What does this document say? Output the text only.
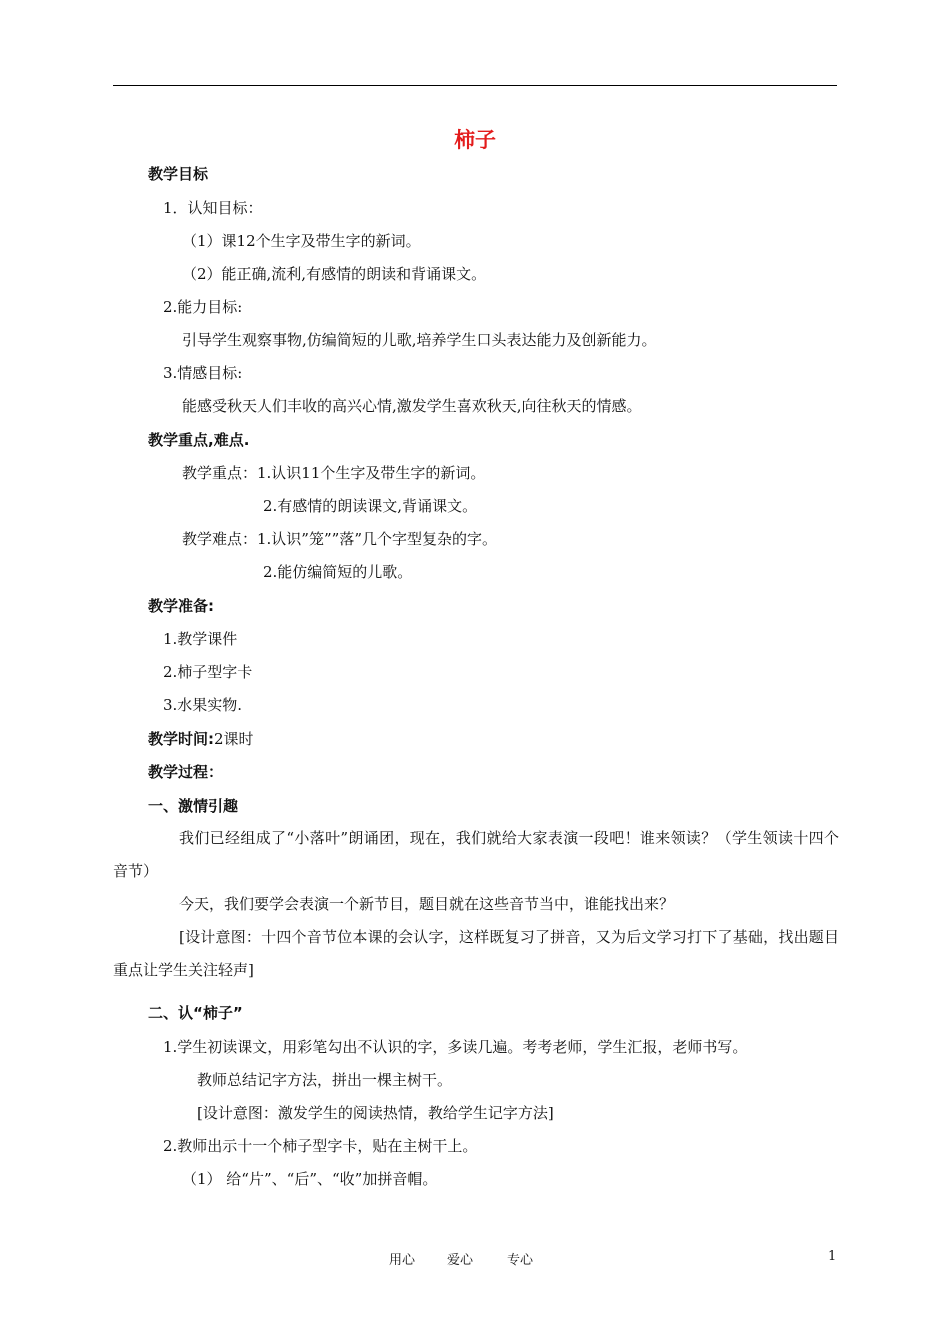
柿子
教学目标
1．认知目标：
（1）课12个生字及带生字的新词。
（2）能正确,流利,有感情的朗读和背诵课文。
2.能力目标:
引导学生观察事物,仿编简短的儿歌,培养学生口头表达能力及创新能力。
3.情感目标:
能感受秋天人们丰收的高兴心情,激发学生喜欢秋天,向往秋天的情感。
教学重点,难点.
教学重点：1.认识11个生字及带生字的新词。
2.有感情的朗读课文,背诵课文。
教学难点：1.认识”笼””落”几个字型复杂的字。
2.能仿编简短的儿歌。
教学准备:
1.教学课件
2.柿子型字卡
3.水果实物.
教学时间:2课时
教学过程：
一、激情引趣
我们已经组成了“小落叶”朗诵团，现在，我们就给大家表演一段吧！谁来领读？（学生领读十四个音节）
今天，我们要学会表演一个新节目，题目就在这些音节当中，谁能找出来？
[设计意图：十四个音节位本课的会认字，这样既复习了拼音，又为后文学习打下了基础，找出题目重点让学生关注轻声]
二、认“柿子”
1.学生初读课文，用彩笔勾出不认识的字，多读几遍。考考老师，学生汇报，老师书写。
教师总结记字方法，拼出一棵主树干。
[设计意图：激发学生的阅读热情，教给学生记字方法]
2.教师出示十一个柿子型字卡，贴在主树干上。
（1） 给“片”、“后”、“收”加拼音帽。
用心 爱心	专心	1
